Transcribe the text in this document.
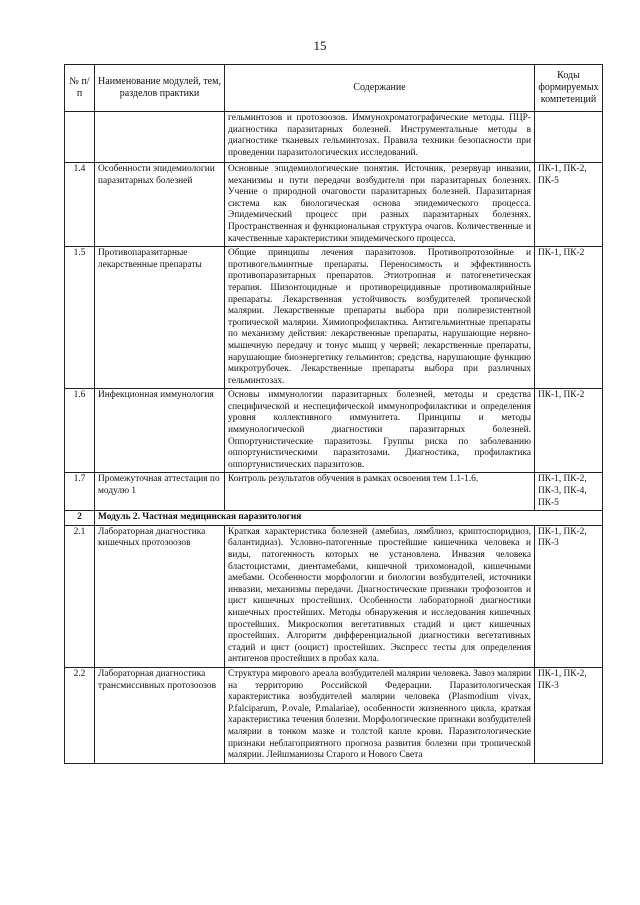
15
№ п/п	Наименование модулей, тем, разделов практики	Содержание	Коды формируемых компетенций
		гельминтозов и протозоозов. Иммунохроматографические методы. ПЦР-диагностика паразитарных болезней. Инструментальные методы в диагностике тканевых гельминтозах. Правила техники безопасности при проведении паразитологических исследований.	
1.4	Особенности эпидемиологии паразитарных болезней	Основные эпидемиологические понятия. Источник, резервуар инвазии, механизмы и пути передачи возбудителя при паразитарных болезнях. Учение о природной очаговости паразитарных болезней. Паразитарная система как биологическая основа эпидемического процесса. Эпидемический процесс при разных паразитарных болезнях. Пространственная и функциональная структура очагов. Количественные и качественные характеристики эпидемического процесса.	ПК-1, ПК-2, ПК-5
1.5	Противопаразитарные лекарственные препараты	Общие принципы лечения паразитозов. Противопротозойные и противогельминтные препараты. Переносимость и эффективность противопаразитарных препаратов. Этиотропная и патогенетическая терапия. Шизонтоцидные и противорецидивные противомалярийные препараты. Лекарственная устойчивость возбудителей тропической малярии. Лекарственные препараты выбора при полирезистентной тропической малярии. Химиопрофилактика. Антигельминтные препараты по механизму действия: лекарственные препараты, нарушающие нервно-мышечную передачу и тонус мышц у червей; лекарственные препараты, нарушающие биоэнергетику гельминтов; средства, нарушающие функцию микротрубочек. Лекарственные препараты выбора при различных гельминтозах.	ПК-1, ПК-2
1.6	Инфекционная иммунология	Основы иммунологии паразитарных болезней, методы и средства специфической и неспецифической иммунопрофилактики и определения уровня коллективного иммунитета. Принципы и методы иммунологической диагностики паразитарных болезней. Оппортунистические паразитозы. Группы риска по заболеванию оппортунистическими паразитозами. Диагностика, профилактика оппортунистических паразитозов.	ПК-1, ПК-2
1.7	Промежуточная аттестация по модулю 1	Контроль результатов обучения в рамках освоения тем 1.1-1.6.	ПК-1, ПК-2, ПК-3, ПК-4, ПК-5
2	Модуль 2. Частная медицинская паразитология		
2.1	Лабораторная диагностика кишечных протозоозов	Краткая характеристика болезней (амебиаз, лямблиоз, криптоспоридиоз, балантидиаз). Условно-патогенные простейшие кишечника человека и виды, патогенность которых не установлена. Инвазия человека бластоцистами, диентамебами, кишечной трихомонадой, кишечными амебами. Особенности морфологии и биологии возбудителей, источники инвазии, механизмы передачи. Диагностические признаки трофозоитов и цист кишечных простейших. Особенности лабораторной диагностики кишечных простейших. Методы обнаружения и исследования кишечных простейших. Микроскопия вегетативных стадий и цист кишечных простейших. Алгоритм дифференциальной диагностики вегетативных стадий и цист (ооцист) простейших. Экспресс тесты для определения антигенов простейших в пробах кала.	ПК-1, ПК-2, ПК-3
2.2	Лабораторная диагностика трансмиссивных протозоозов	Структура мирового ареала возбудителей малярии человека. Завоз малярии на территорию Российской Федерации. Паразитологическая характеристика возбудителей малярии человека (Plasmodium vivax, P.falciparum, P.ovale, P.malariae), особенности жизненного цикла, краткая характеристика течения болезни. Морфологические признаки возбудителей малярии в тонком мазке и толстой капле крови. Паразитологические признаки неблагоприятного прогноза развития болезни при тропической малярии. Лейшманиозы Старого и Нового Света	ПК-1, ПК-2, ПК-3
